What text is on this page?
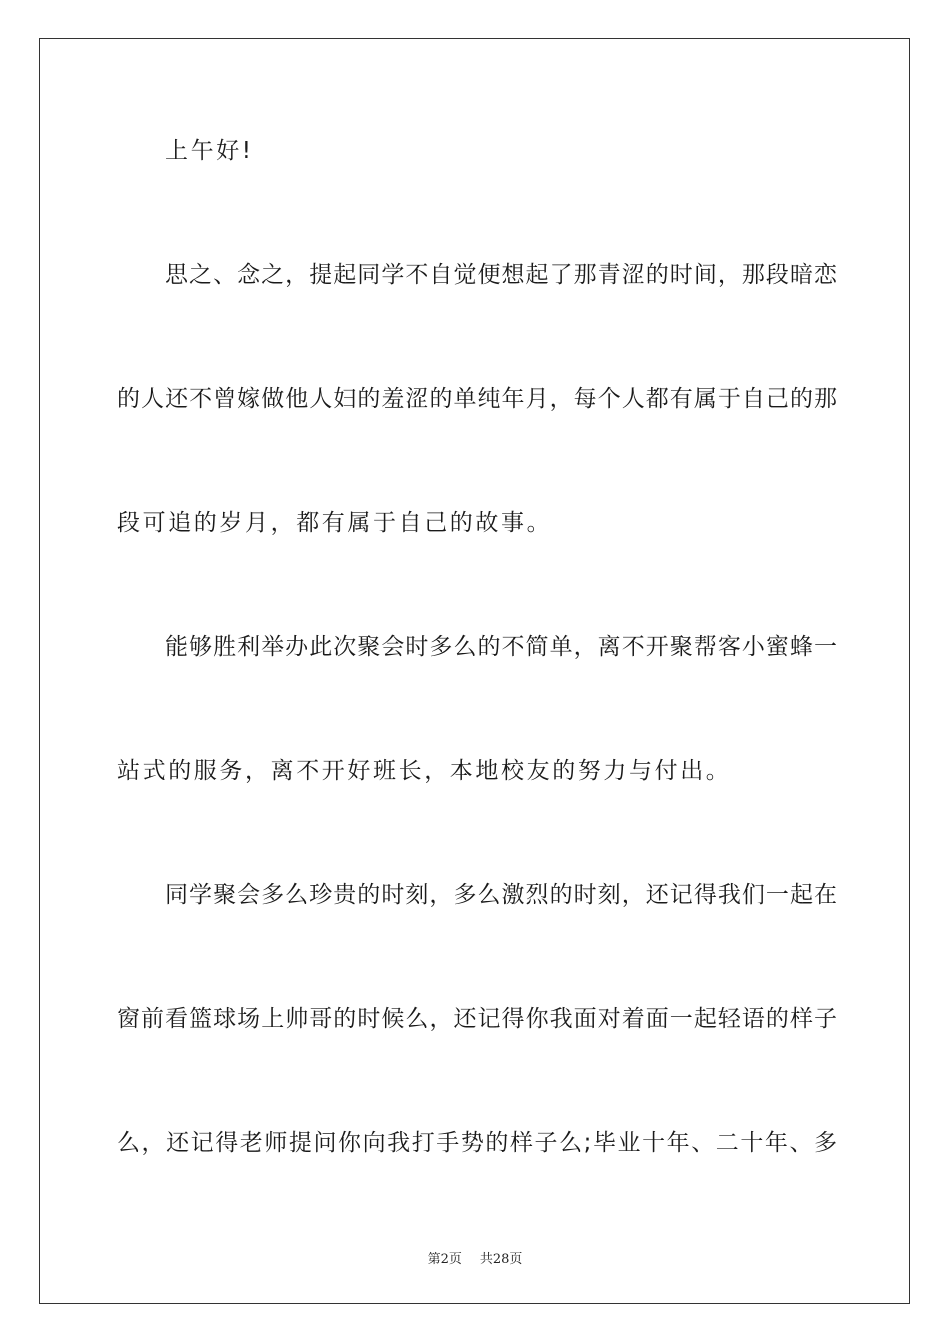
上午好!
思之、念之，提起同学不自觉便想起了那青涩的时间，那段暗恋
的人还不曾嫁做他人妇的羞涩的单纯年月，每个人都有属于自己的那
段可追的岁月，都有属于自己的故事。
能够胜利举办此次聚会时多么的不简单，离不开聚帮客小蜜蜂一
站式的服务，离不开好班长，本地校友的努力与付出。
同学聚会多么珍贵的时刻，多么激烈的时刻，还记得我们一起在
窗前看篮球场上帅哥的时候么，还记得你我面对着面一起轻语的样子
么，还记得老师提问你向我打手势的样子么;毕业十年、二十年、多
第2页 共28页
